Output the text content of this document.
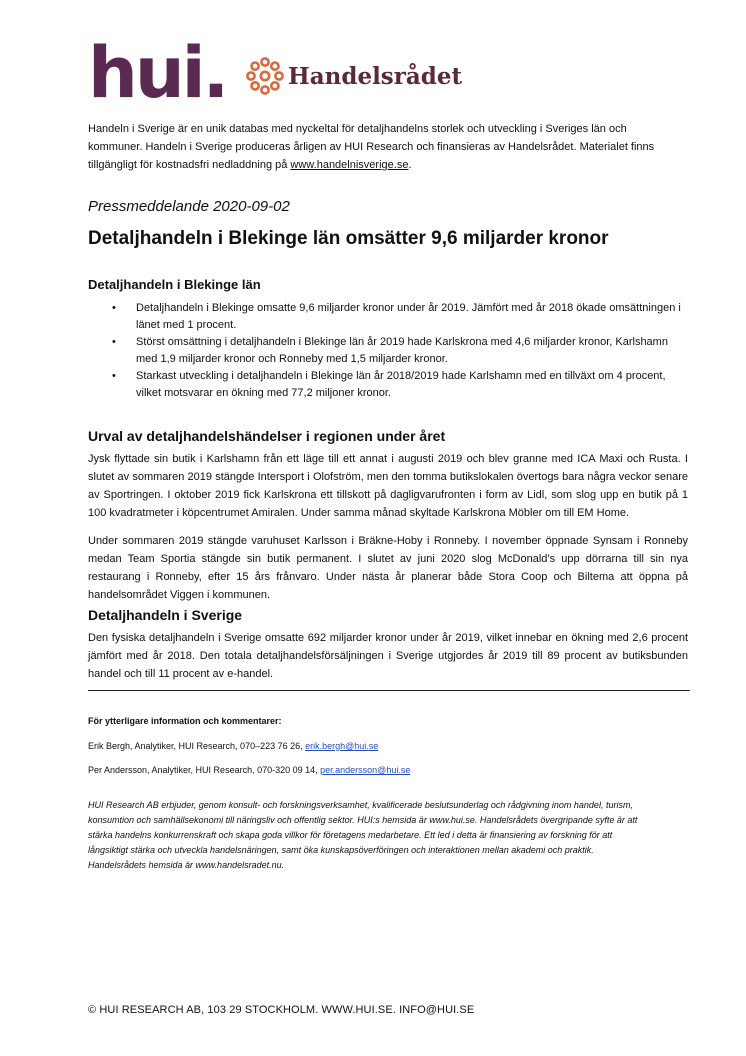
hui.	Handelsrådet
Handeln i Sverige är en unik databas med nyckeltal för detaljhandelns storlek och utveckling i Sveriges län och kommuner. Handeln i Sverige produceras årligen av HUI Research och finansieras av Handelsrådet. Materialet finns tillgängligt för kostnadsfri nedladdning på www.handelnisverige.se.
Pressmeddelande 2020-09-02
Detaljhandeln i Blekinge län omsätter 9,6 miljarder kronor
Detaljhandeln i Blekinge län
• Detaljhandeln i Blekinge omsatte 9,6 miljarder kronor under år 2019. Jämfört med år 2018 ökade omsättningen i länet med 1 procent.
• Störst omsättning i detaljhandeln i Blekinge län år 2019 hade Karlskrona med 4,6 miljarder kronor, Karlshamn med 1,9 miljarder kronor och Ronneby med 1,5 miljarder kronor.
• Starkast utveckling i detaljhandeln i Blekinge län år 2018/2019 hade Karlshamn med en tillväxt om 4 procent, vilket motsvarar en ökning med 77,2 miljoner kronor.
Urval av detaljhandelshändelser i regionen under året

Jysk flyttade sin butik i Karlshamn från ett läge till ett annat i augusti 2019 och blev granne med ICA Maxi och Rusta. I slutet av sommaren 2019 stängde Intersport i Olofström, men den tomma butikslokalen övertogs bara några veckor senare av Sportringen. I oktober 2019 fick Karlskrona ett tillskott på dagligvarufronten i form av Lidl, som slog upp en butik på 1 100 kvadratmeter i köpcentrumet Amiralen. Under samma månad skyltade Karlskrona Möbler om till EM Home.

Under sommaren 2019 stängde varuhuset Karlsson i Bräkne-Hoby i Ronneby. I november öppnade Synsam i Ronneby medan Team Sportia stängde sin butik permanent. I slutet av juni 2020 slog McDonald’s upp dörrarna till sin nya restaurang i Ronneby, efter 15 års frånvaro. Under nästa år planerar både Stora Coop och Biltema att öppna på handelsområdet Viggen i kommunen.

Detaljhandeln i Sverige

Den fysiska detaljhandeln i Sverige omsatte 692 miljarder kronor under år 2019, vilket innebar en ökning med 2,6 procent jämfört med år 2018. Den totala detaljhandelsförsäljningen i Sverige utgjordes år 2019 till 89 procent av butiksbunden handel och till 11 procent av e-handel.

För ytterligare information och kommentarer:
Erik Bergh, Analytiker, HUI Research, 070–223 76 26, erik.bergh@hui.se
Per Andersson, Analytiker, HUI Research, 070-320 09 14, per.andersson@hui.se

HUI Research AB erbjuder, genom konsult- och forskningsverksamhet, kvalificerade beslutsunderlag och rådgivning inom handel, turism, konsumtion och samhällsekonomi till näringsliv och offentlig sektor. HUI:s hemsida är www.hui.se. Handelsrådets övergripande syfte är att stärka handelns konkurrenskraft och skapa goda villkor för företagens medarbetare. Ett led i detta är finansiering av forskning för att långsiktigt stärka och utveckla handelsnäringen, samt öka kunskapsöverföringen och interaktionen mellan akademi och praktik. Handelsrådets hemsida är www.handelsradet.nu.

© HUI RESEARCH AB, 103 29 STOCKHOLM. WWW.HUI.SE. INFO@HUI.SE
